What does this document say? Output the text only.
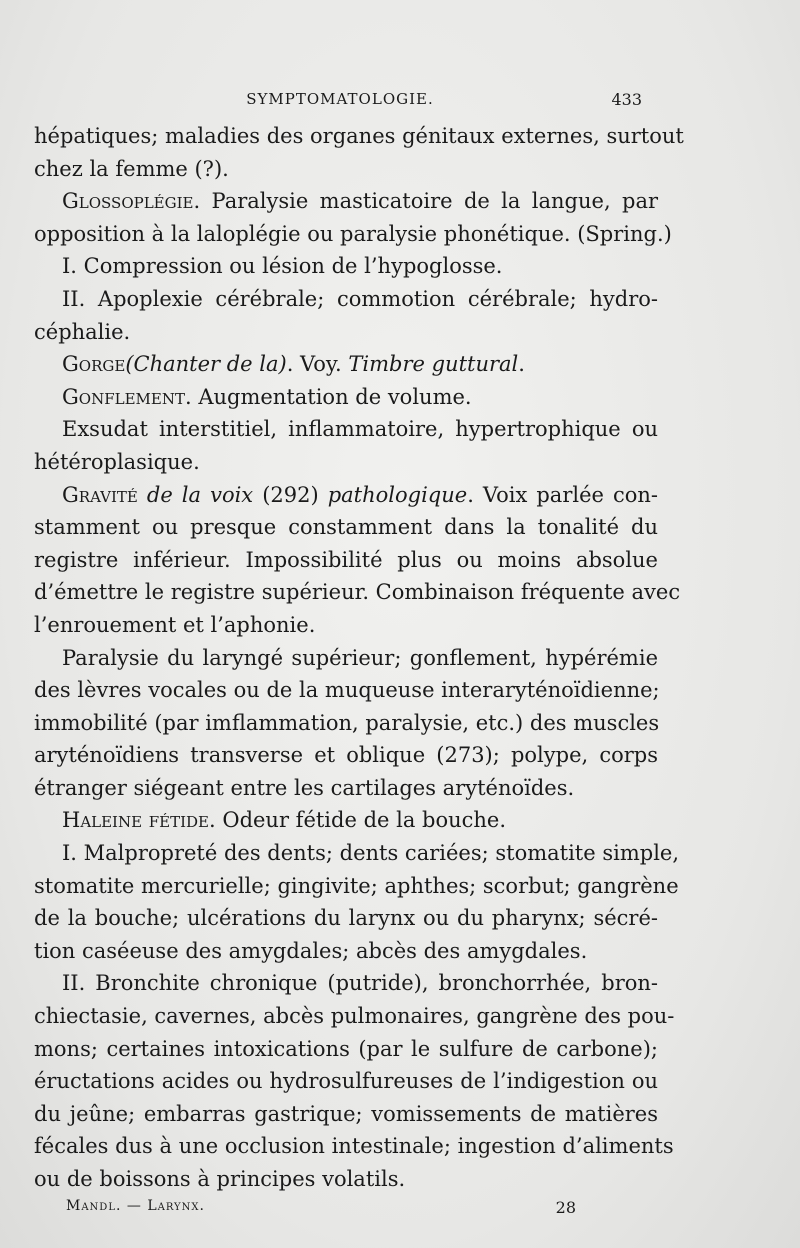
SYMPTOMATOLOGIE.	433
hépatiques; maladies des organes génitaux externes, surtout
chez la femme (?).
Glossoplégie. Paralysie masticatoire de la langue, par
opposition à la laloplégie ou paralysie phonétique. (Spring.)
I. Compression ou lésion de l’hypoglosse.
II. Apoplexie cérébrale; commotion cérébrale; hydro-
céphalie.
Gorge(Chanter de la). Voy. Timbre guttural.
Gonflement. Augmentation de volume.
Exsudat interstitiel, inflammatoire, hypertrophique ou
hétéroplasique.
Gravité de la voix (292) pathologique. Voix parlée con-
stamment ou presque constamment dans la tonalité du
registre inférieur. Impossibilité plus ou moins absolue
d’émettre le registre supérieur. Combinaison fréquente avec
l’enrouement et l’aphonie.
Paralysie du laryngé supérieur; gonflement, hypérémie
des lèvres vocales ou de la muqueuse interaryténoïdienne;
immobilité (par imflammation, paralysie, etc.) des muscles
aryténoïdiens transverse et oblique (273); polype, corps
étranger siégeant entre les cartilages aryténoïdes.
Haleine fétide. Odeur fétide de la bouche.
I. Malpropreté des dents; dents cariées; stomatite simple,
stomatite mercurielle; gingivite; aphthes; scorbut; gangrène
de la bouche; ulcérations du larynx ou du pharynx; sécré-
tion caséeuse des amygdales; abcès des amygdales.
II. Bronchite chronique (putride), bronchorrhée, bron-
chiectasie, cavernes, abcès pulmonaires, gangrène des pou-
mons; certaines intoxications (par le sulfure de carbone);
éructations acides ou hydrosulfureuses de l’indigestion ou
du jeûne; embarras gastrique; vomissements de matières
fécales dus à une occlusion intestinale; ingestion d’aliments
ou de boissons à principes volatils.
Mandl. — Larynx.	28
